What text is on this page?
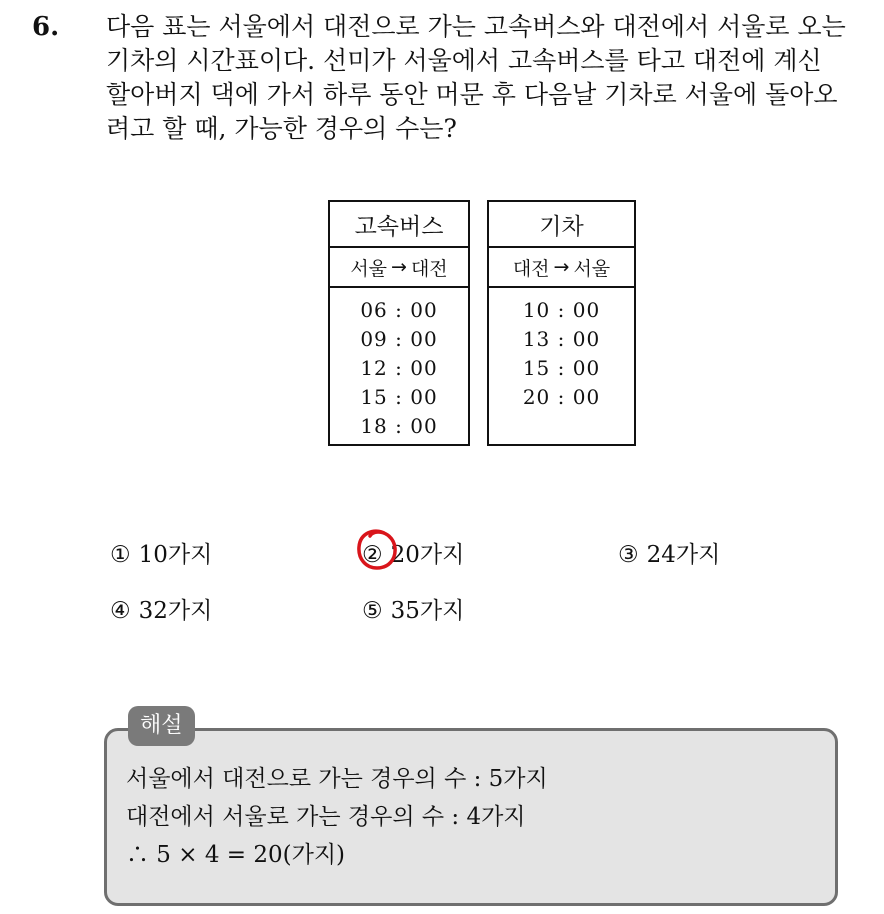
6. 다음 표는 서울에서 대전으로 가는 고속버스와 대전에서 서울로 오는
기차의 시간표이다. 선미가 서울에서 고속버스를 타고 대전에 계신
할아버지 댁에 가서 하루 동안 머문 후 다음날 기차로 서울에 돌아오
려고 할 때, 가능한 경우의 수는?
고속버스
서울 → 대전
06 : 00
09 : 00
12 : 00
15 : 00
18 : 00
기차
대전 → 서울
10 : 00
13 : 00
15 : 00
20 : 00
① 10가지	② 20가지	③ 24가지
④ 32가지	⑤ 35가지
해설
서울에서 대전으로 가는 경우의 수 : 5가지
대전에서 서울로 가는 경우의 수 : 4가지
∴ 5 × 4 = 20(가지)
